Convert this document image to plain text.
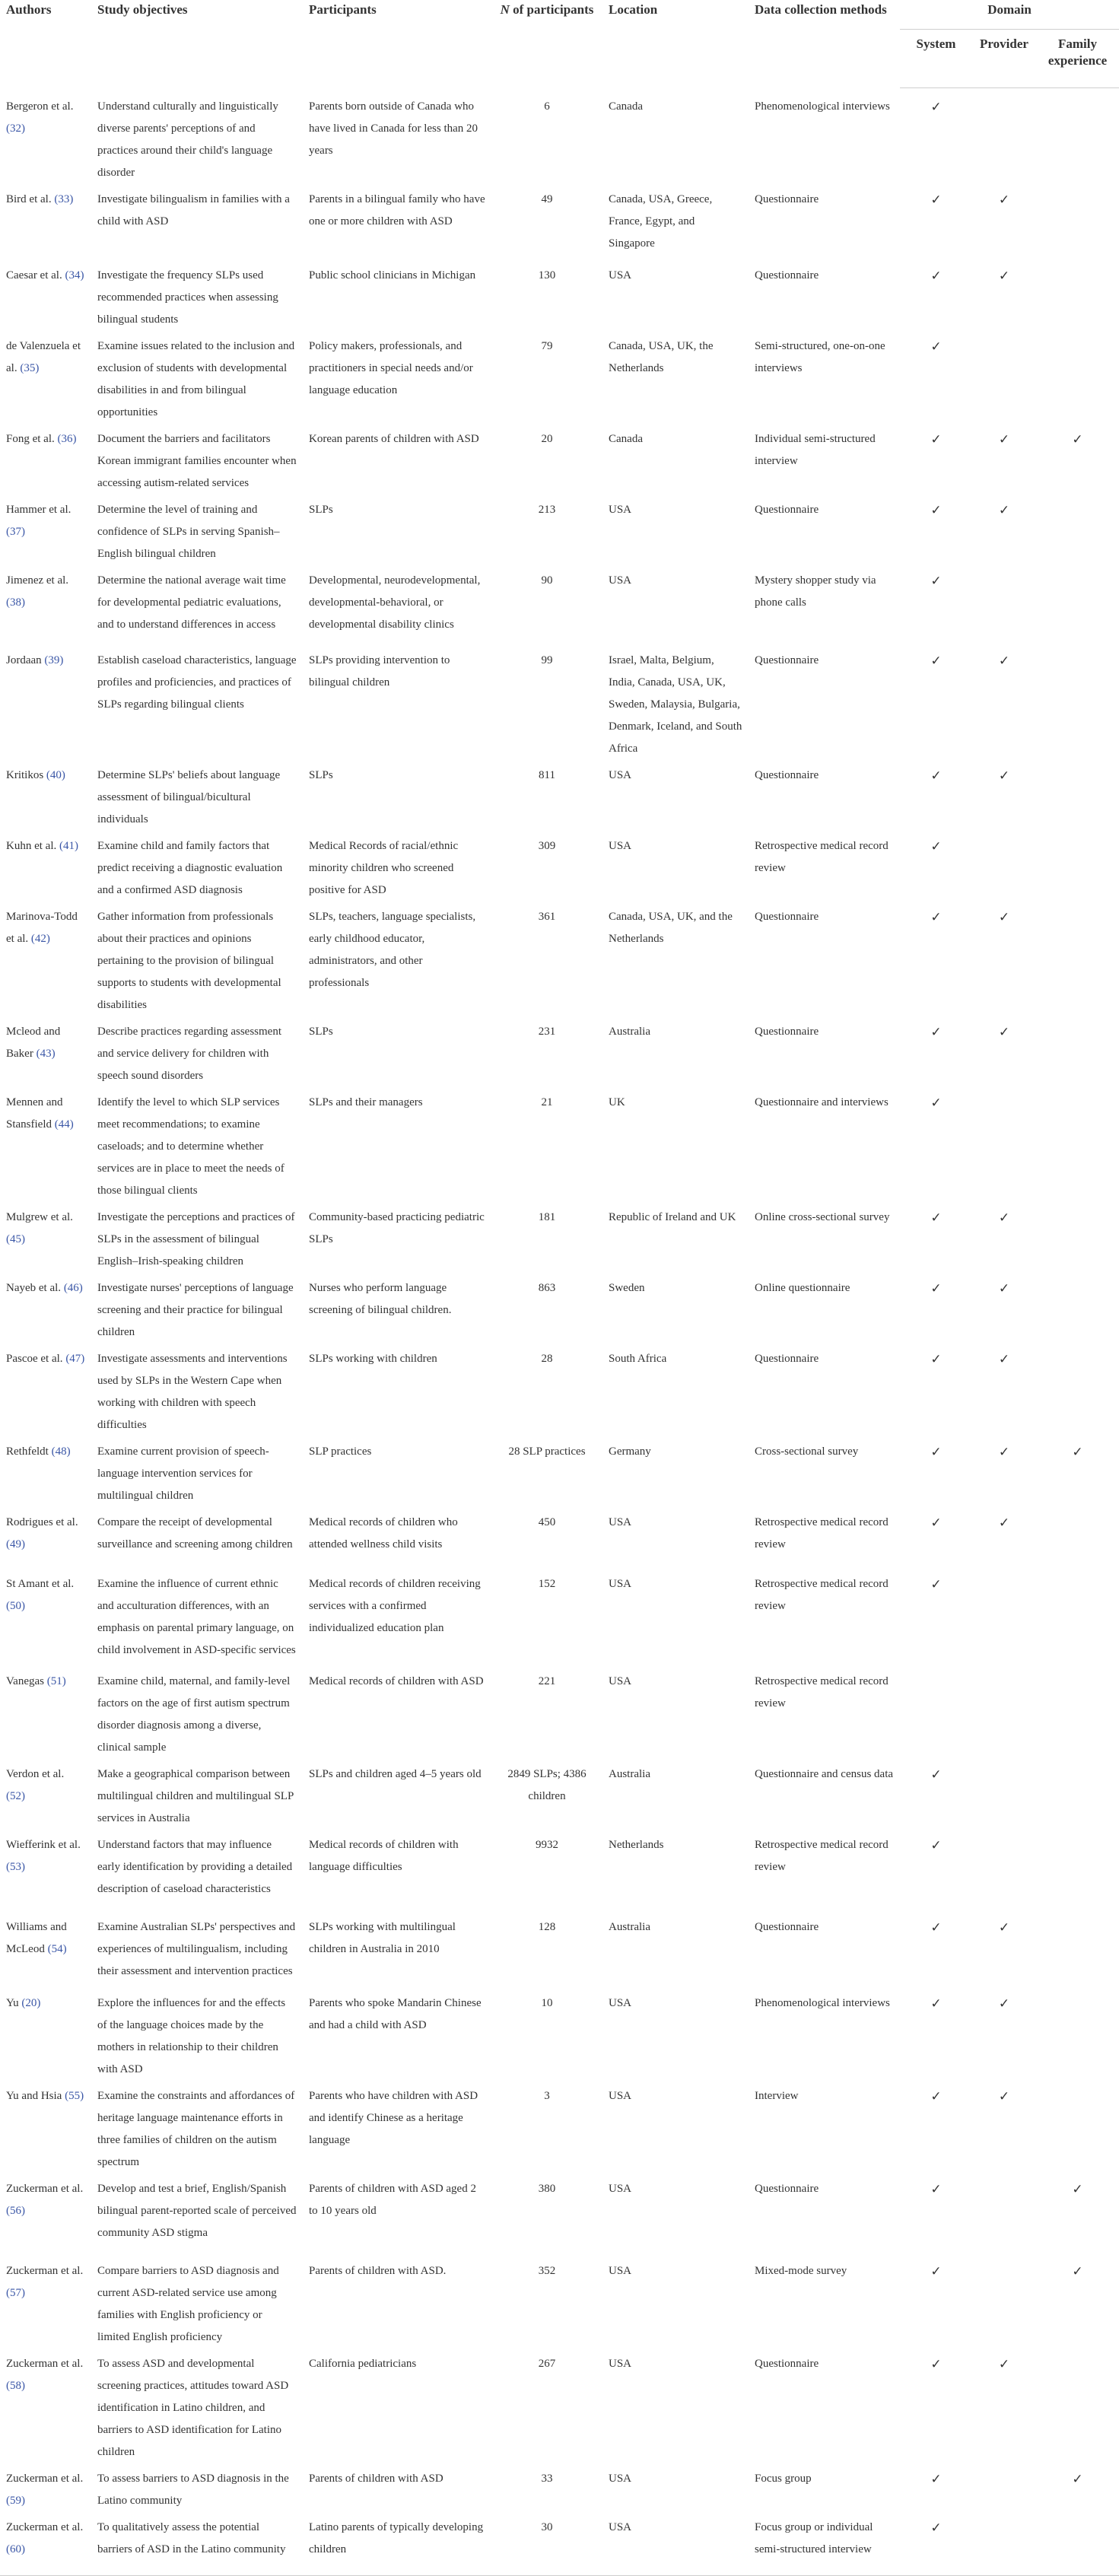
Authors	Study objectives	Participants	N of participants	Location	Data collection methods	Domain		
						System	Provider	Family experience
Bergeron et al. (32)	Understand culturally and linguistically diverse parents' perceptions of and practices around their child's language disorder	Parents born outside of Canada who have lived in Canada for less than 20 years	6	Canada	Phenomenological interviews	✓		
Bird et al. (33)	Investigate bilingualism in families with a child with ASD	Parents in a bilingual family who have one or more children with ASD	49	Canada, USA, Greece, France, Egypt, and Singapore	Questionnaire	✓	✓	
Caesar et al. (34)	Investigate the frequency SLPs used recommended practices when assessing bilingual students	Public school clinicians in Michigan	130	USA	Questionnaire	✓	✓	
de Valenzuela et al. (35)	Examine issues related to the inclusion and exclusion of students with developmental disabilities in and from bilingual opportunities	Policy makers, professionals, and practitioners in special needs and/or language education	79	Canada, USA, UK, the Netherlands	Semi-structured, one-on-one interviews	✓		
Fong et al. (36)	Document the barriers and facilitators Korean immigrant families encounter when accessing autism-related services	Korean parents of children with ASD	20	Canada	Individual semi-structured interview	✓	✓	✓
Hammer et al. (37)	Determine the level of training and confidence of SLPs in serving Spanish–English bilingual children	SLPs	213	USA	Questionnaire	✓	✓	
Jimenez et al. (38)	Determine the national average wait time for developmental pediatric evaluations, and to understand differences in access	Developmental, neurodevelopmental, developmental-behavioral, or developmental disability clinics	90	USA	Mystery shopper study via phone calls	✓		
Jordaan (39)	Establish caseload characteristics, language profiles and proficiencies, and practices of SLPs regarding bilingual clients	SLPs providing intervention to bilingual children	99	Israel, Malta, Belgium, India, Canada, USA, UK, Sweden, Malaysia, Bulgaria, Denmark, Iceland, and South Africa	Questionnaire	✓	✓	
Kritikos (40)	Determine SLPs' beliefs about language assessment of bilingual/bicultural individuals	SLPs	811	USA	Questionnaire	✓	✓	
Kuhn et al. (41)	Examine child and family factors that predict receiving a diagnostic evaluation and a confirmed ASD diagnosis	Medical Records of racial/ethnic minority children who screened positive for ASD	309	USA	Retrospective medical record review	✓		
Marinova-Todd et al. (42)	Gather information from professionals about their practices and opinions pertaining to the provision of bilingual supports to students with developmental disabilities	SLPs, teachers, language specialists, early childhood educator, administrators, and other professionals	361	Canada, USA, UK, and the Netherlands	Questionnaire	✓	✓	
Mcleod and Baker (43)	Describe practices regarding assessment and service delivery for children with speech sound disorders	SLPs	231	Australia	Questionnaire	✓	✓	
Mennen and Stansfield (44)	Identify the level to which SLP services meet recommendations; to examine caseloads; and to determine whether services are in place to meet the needs of those bilingual clients	SLPs and their managers	21	UK	Questionnaire and interviews	✓		
Mulgrew et al. (45)	Investigate the perceptions and practices of SLPs in the assessment of bilingual English–Irish-speaking children	Community-based practicing pediatric SLPs	181	Republic of Ireland and UK	Online cross-sectional survey	✓	✓	
Nayeb et al. (46)	Investigate nurses' perceptions of language screening and their practice for bilingual children	Nurses who perform language screening of bilingual children.	863	Sweden	Online questionnaire	✓	✓	
Pascoe et al. (47)	Investigate assessments and interventions used by SLPs in the Western Cape when working with children with speech difficulties	SLPs working with children	28	South Africa	Questionnaire	✓	✓	
Rethfeldt (48)	Examine current provision of speech-language intervention services for multilingual children	SLP practices	28 SLP practices	Germany	Cross-sectional survey	✓	✓	✓
Rodrigues et al. (49)	Compare the receipt of developmental surveillance and screening among children	Medical records of children who attended wellness child visits	450	USA	Retrospective medical record review	✓	✓	
St Amant et al. (50)	Examine the influence of current ethnic and acculturation differences, with an emphasis on parental primary language, on child involvement in ASD-specific services	Medical records of children receiving services with a confirmed individualized education plan	152	USA	Retrospective medical record review	✓		
Vanegas (51)	Examine child, maternal, and family-level factors on the age of first autism spectrum disorder diagnosis among a diverse, clinical sample	Medical records of children with ASD	221	USA	Retrospective medical record review			
Verdon et al. (52)	Make a geographical comparison between multilingual children and multilingual SLP services in Australia	SLPs and children aged 4–5 years old	2849 SLPs; 4386 children	Australia	Questionnaire and census data	✓		
Wiefferink et al. (53)	Understand factors that may influence early identification by providing a detailed description of caseload characteristics	Medical records of children with language difficulties	9932	Netherlands	Retrospective medical record review	✓		
Williams and McLeod (54)	Examine Australian SLPs' perspectives and experiences of multilingualism, including their assessment and intervention practices	SLPs working with multilingual children in Australia in 2010	128	Australia	Questionnaire	✓	✓	
Yu (20)	Explore the influences for and the effects of the language choices made by the mothers in relationship to their children with ASD	Parents who spoke Mandarin Chinese and had a child with ASD	10	USA	Phenomenological interviews	✓	✓	
Yu and Hsia (55)	Examine the constraints and affordances of heritage language maintenance efforts in three families of children on the autism spectrum	Parents who have children with ASD and identify Chinese as a heritage language	3	USA	Interview	✓	✓	
Zuckerman et al. (56)	Develop and test a brief, English/Spanish bilingual parent-reported scale of perceived community ASD stigma	Parents of children with ASD aged 2 to 10 years old	380	USA	Questionnaire	✓		✓
Zuckerman et al. (57)	Compare barriers to ASD diagnosis and current ASD-related service use among families with English proficiency or limited English proficiency	Parents of children with ASD.	352	USA	Mixed-mode survey	✓		✓
Zuckerman et al. (58)	To assess ASD and developmental screening practices, attitudes toward ASD identification in Latino children, and barriers to ASD identification for Latino children	California pediatricians	267	USA	Questionnaire	✓	✓	
Zuckerman et al. (59)	To assess barriers to ASD diagnosis in the Latino community	Parents of children with ASD	33	USA	Focus group	✓		✓
Zuckerman et al. (60)	To qualitatively assess the potential barriers of ASD in the Latino community	Latino parents of typically developing children	30	USA	Focus group or individual semi-structured interview	✓		
